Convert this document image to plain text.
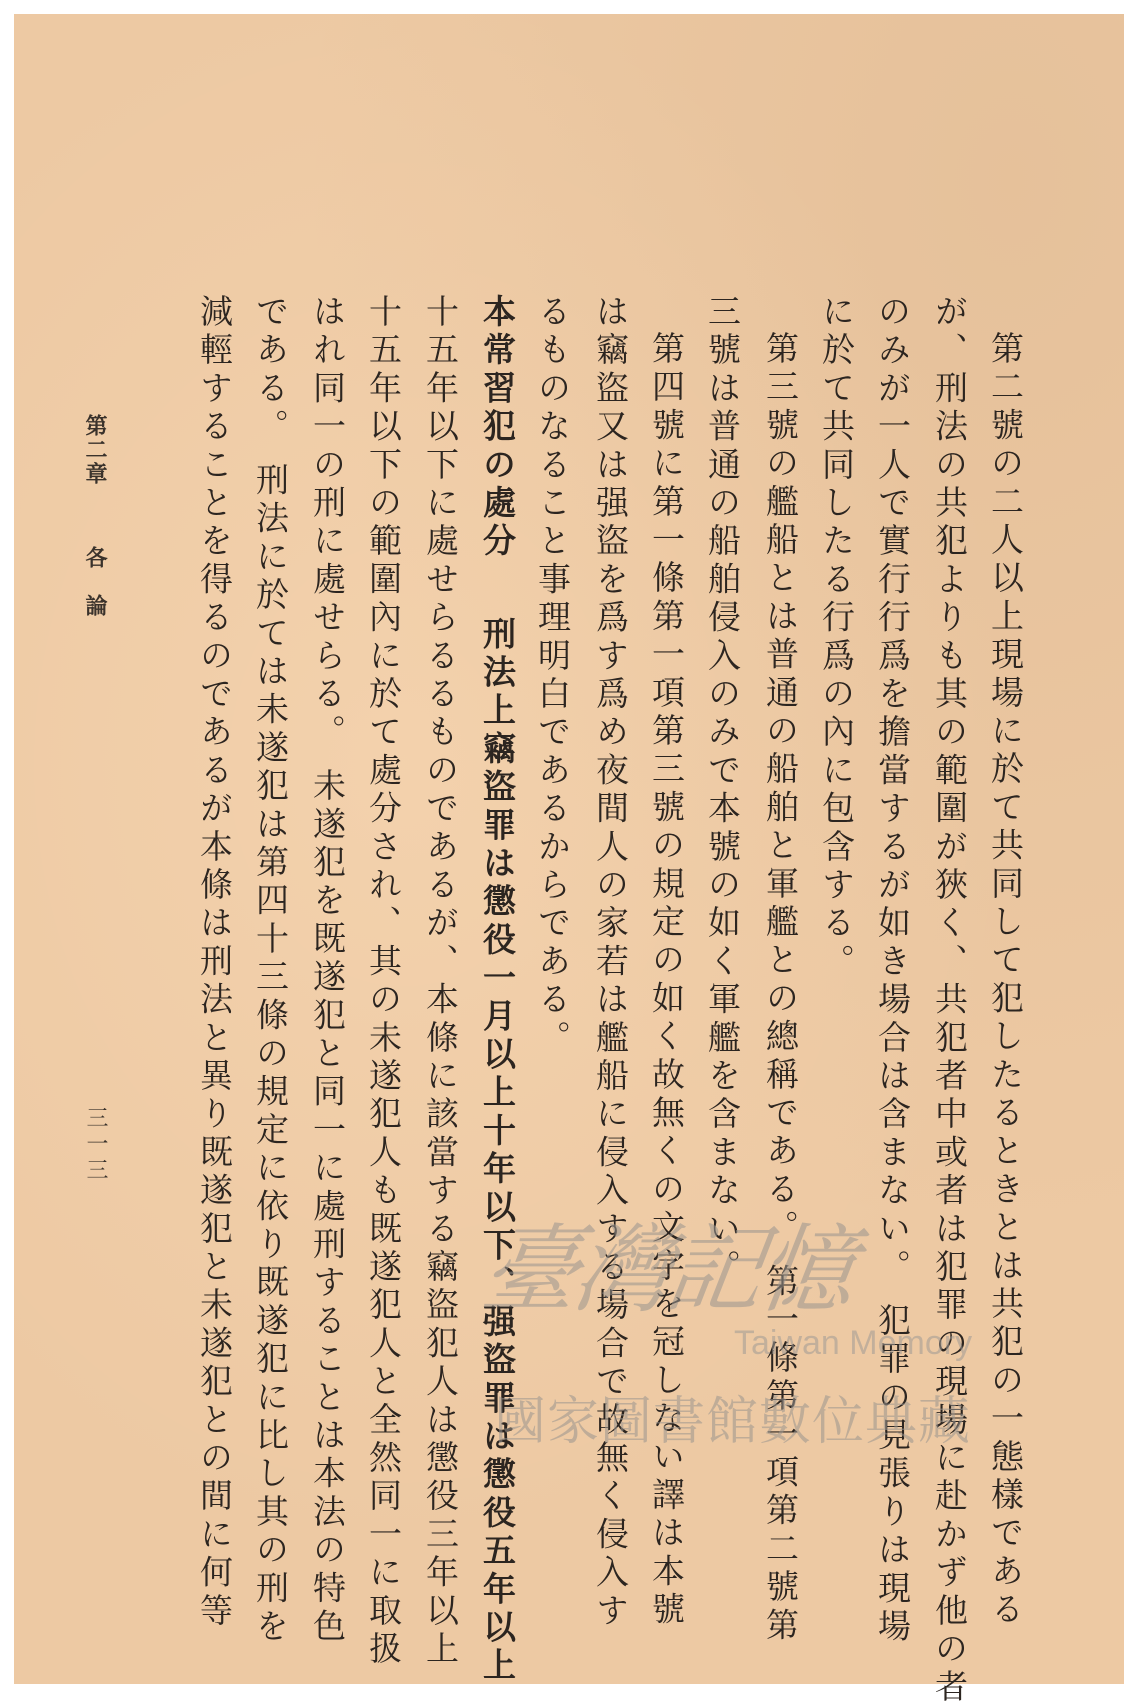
第二號の二人以上現場に於て共同して犯したるときとは共犯の一態樣である
が、刑法の共犯よりも其の範圍が狹く、共犯者中或者は犯罪の現場に赴かず他の者
のみが一人で實行行爲を擔當するが如き場合は含まない。 犯罪の見張りは現場
に於て共同したる行爲の內に包含する。
第三號の艦船とは普通の船舶と軍艦との總稱である。 第一條第一項第二號第
三號は普通の船舶侵入のみで本號の如く軍艦を含まない。
第四號に第一條第一項第三號の規定の如く故無くの文字を冠しない譯は本號
は竊盜又は强盜を爲す爲め夜間人の家若は艦船に侵入する場合で故無く侵入す
るものなること事理明白であるからである。
本常習犯の處分　 刑法上竊盜罪は懲役一月以上十年以下、强盜罪は懲役五年以上
十五年以下に處せらるるものであるが、本條に該當する竊盜犯人は懲役三年以上
十五年以下の範圍內に於て處分され、其の未遂犯人も既遂犯人と全然同一に取扱
はれ同一の刑に處せらる。 未遂犯を既遂犯と同一に處刑することは本法の特色
である。 刑法に於ては未遂犯は第四十三條の規定に依り既遂犯に比し其の刑を
減輕することを得るのであるが本條は刑法と異り既遂犯と未遂犯との間に何等
第二章各　論
三一三
臺灣記憶
Taiwan Memory
國家圖書館數位典藏
